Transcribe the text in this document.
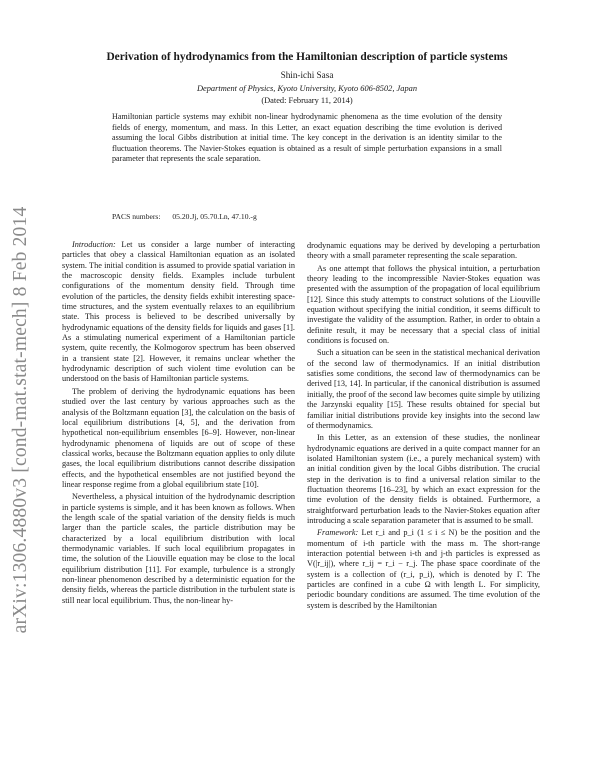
arXiv:1306.4880v3 [cond-mat.stat-mech] 8 Feb 2014
Derivation of hydrodynamics from the Hamiltonian description of particle systems
Shin-ichi Sasa
Department of Physics, Kyoto University, Kyoto 606-8502, Japan
(Dated: February 11, 2014)
Hamiltonian particle systems may exhibit non-linear hydrodynamic phenomena as the time evolution of the density fields of energy, momentum, and mass. In this Letter, an exact equation describing the time evolution is derived assuming the local Gibbs distribution at initial time. The key concept in the derivation is an identity similar to the fluctuation theorems. The Navier-Stokes equation is obtained as a result of simple perturbation expansions in a small parameter that represents the scale separation.
PACS numbers: 05.20.Jj, 05.70.Ln, 47.10.-g

Introduction: Let us consider a large number of interacting particles that obey a classical Hamiltonian equation as an isolated system. The initial condition is assumed to provide spatial variation in the macroscopic density fields. Examples include turbulent configurations of the momentum density field. Through time evolution of the particles, the density fields exhibit interesting space-time structures, and the system eventually relaxes to an equilibrium state. This process is believed to be described universally by hydrodynamic equations of the density fields for liquids and gases [1]. As a stimulating numerical experiment of a Hamiltonian particle system, quite recently, the Kolmogorov spectrum has been observed in a transient state [2]. However, it remains unclear whether the hydrodynamic description of such violent time evolution can be understood on the basis of Hamiltonian particle systems.

The problem of deriving the hydrodynamic equations has been studied over the last century by various approaches such as the analysis of the Boltzmann equation [3], the calculation on the basis of local equilibrium distributions [4, 5], and the derivation from hypothetical non-equilibrium ensembles [6–9]. However, non-linear hydrodynamic phenomena of liquids are out of scope of these classical works, because the Boltzmann equation applies to only dilute gases, the local equilibrium distributions cannot describe dissipation effects, and the hypothetical ensembles are not justified beyond the linear response regime from a global equilibrium state [10].

Nevertheless, a physical intuition of the hydrodynamic description in particle systems is simple, and it has been known as follows. When the length scale of the spatial variation of the density fields is much larger than the particle scales, the particle distribution may be characterized by a local equilibrium distribution with local thermodynamic variables. If such local equilibrium propagates in time, the solution of the Liouville equation may be close to the local equilibrium distribution [11]. For example, turbulence is a strongly non-linear phenomenon described by a deterministic equation for the density fields, whereas the particle distribution in the turbulent state is still near local equilibrium. Thus, the non-linear hy-

drodynamic equations may be derived by developing a perturbation theory with a small parameter representing the scale separation.

As one attempt that follows the physical intuition, a perturbation theory leading to the incompressible Navier-Stokes equation was presented with the assumption of the propagation of local equilibrium [12]. Since this study attempts to construct solutions of the Liouville equation without specifying the initial condition, it seems difficult to investigate the validity of the assumption. Rather, in order to obtain a definite result, it may be necessary that a special class of initial conditions is focused on.

Such a situation can be seen in the statistical mechanical derivation of the second law of thermodynamics. If an initial distribution satisfies some conditions, the second law of thermodynamics can be derived [13, 14]. In particular, if the canonical distribution is assumed initially, the proof of the second law becomes quite simple by utilizing the Jarzynski equality [15]. These results obtained for special but familiar initial distributions provide key insights into the second law of thermodynamics.

In this Letter, as an extension of these studies, the nonlinear hydrodynamic equations are derived in a quite compact manner for an isolated Hamiltonian system (i.e., a purely mechanical system) with an initial condition given by the local Gibbs distribution. The crucial step in the derivation is to find a universal relation similar to the fluctuation theorems [16–23], by which an exact expression for the time evolution of the density fields is obtained. Furthermore, a straightforward perturbation leads to the Navier-Stokes equation after introducing a scale separation parameter that is assumed to be small.

Framework: Let r_i and p_i (1 ≤ i ≤ N) be the position and the momentum of i-th particle with the mass m. The short-range interaction potential between i-th and j-th particles is expressed as V(|r_ij|), where r_ij = r_i − r_j. The phase space coordinate of the system is a collection of (r_i, p_i), which is denoted by Γ. The particles are confined in a cube Ω with length L. For simplicity, periodic boundary conditions are assumed. The time evolution of the system is described by the Hamiltonian
